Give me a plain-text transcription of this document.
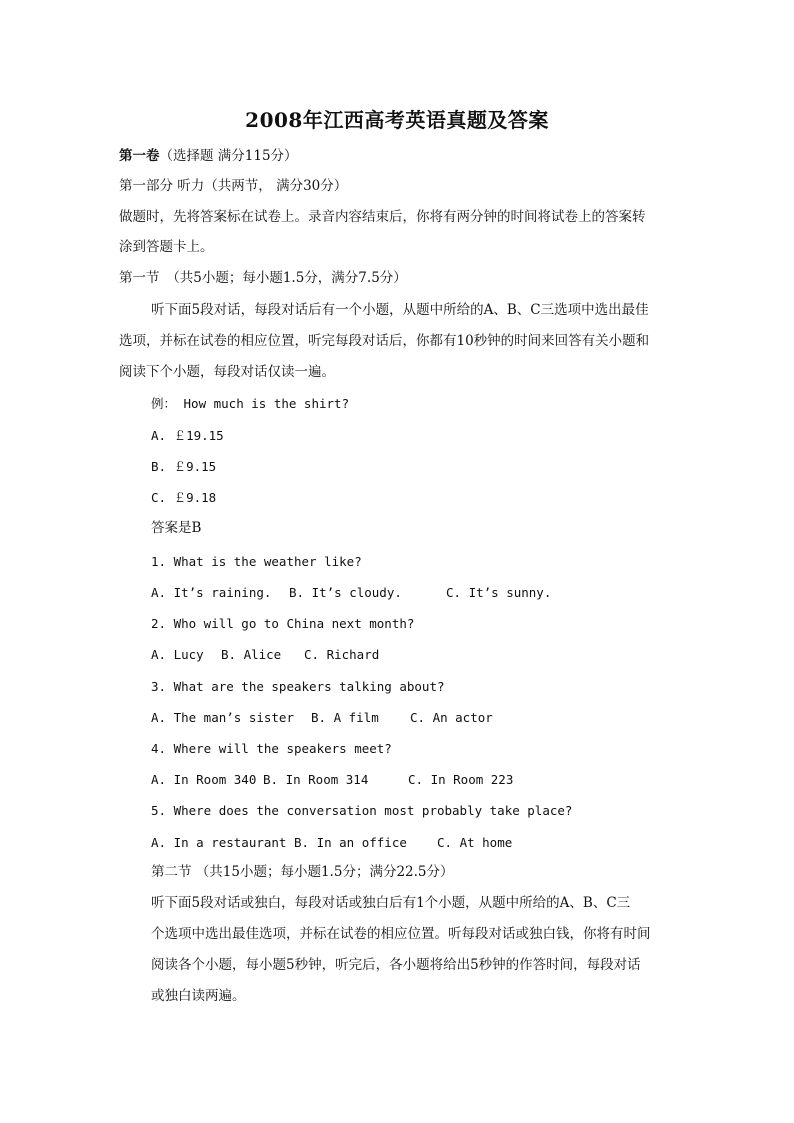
2008年江西高考英语真题及答案
第一卷（选择题 满分115分）
第一部分 听力（共两节， 满分30分）
做题时，先将答案标在试卷上。录音内容结束后，你将有两分钟的时间将试卷上的答案转
涂到答题卡上。
第一节　（共5小题；每小题1.5分，满分7.5分）
听下面5段对话，每段对话后有一个小题，从题中所给的A、B、C三选项中选出最佳
选项，并标在试卷的相应位置，听完每段对话后，你都有10秒钟的时间来回答有关小题和
阅读下个小题，每段对话仅读一遍。
例： How much is the shirt?
A. ￡19.15
B. ￡9.15
C. ￡9.18
答案是B
1. What is the weather like?
A. It’s raining. B. It’s cloudy.	C. It’s sunny.
2. Who will go to China next month?
A. Lucy B. Alice C. Richard
3. What are the speakers talking about?
A. The man’s sister B. A film	C. An actor
4. Where will the speakers meet?
A. In Room 340 B. In Room 314	C. In Room 223
5. Where does the conversation most probably take place?
A. In a restaurant B. In an office C. At home
第二节 （共15小题；每小题1.5分；满分22.5分）
听下面5段对话或独白，每段对话或独白后有1个小题，从题中所给的A、B、C三
个选项中选出最佳选项，并标在试卷的相应位置。听每段对话或独白钱，你将有时间
阅读各个小题，每小题5秒钟，听完后，各小题将给出5秒钟的作答时间，每段对话
或独白读两遍。
